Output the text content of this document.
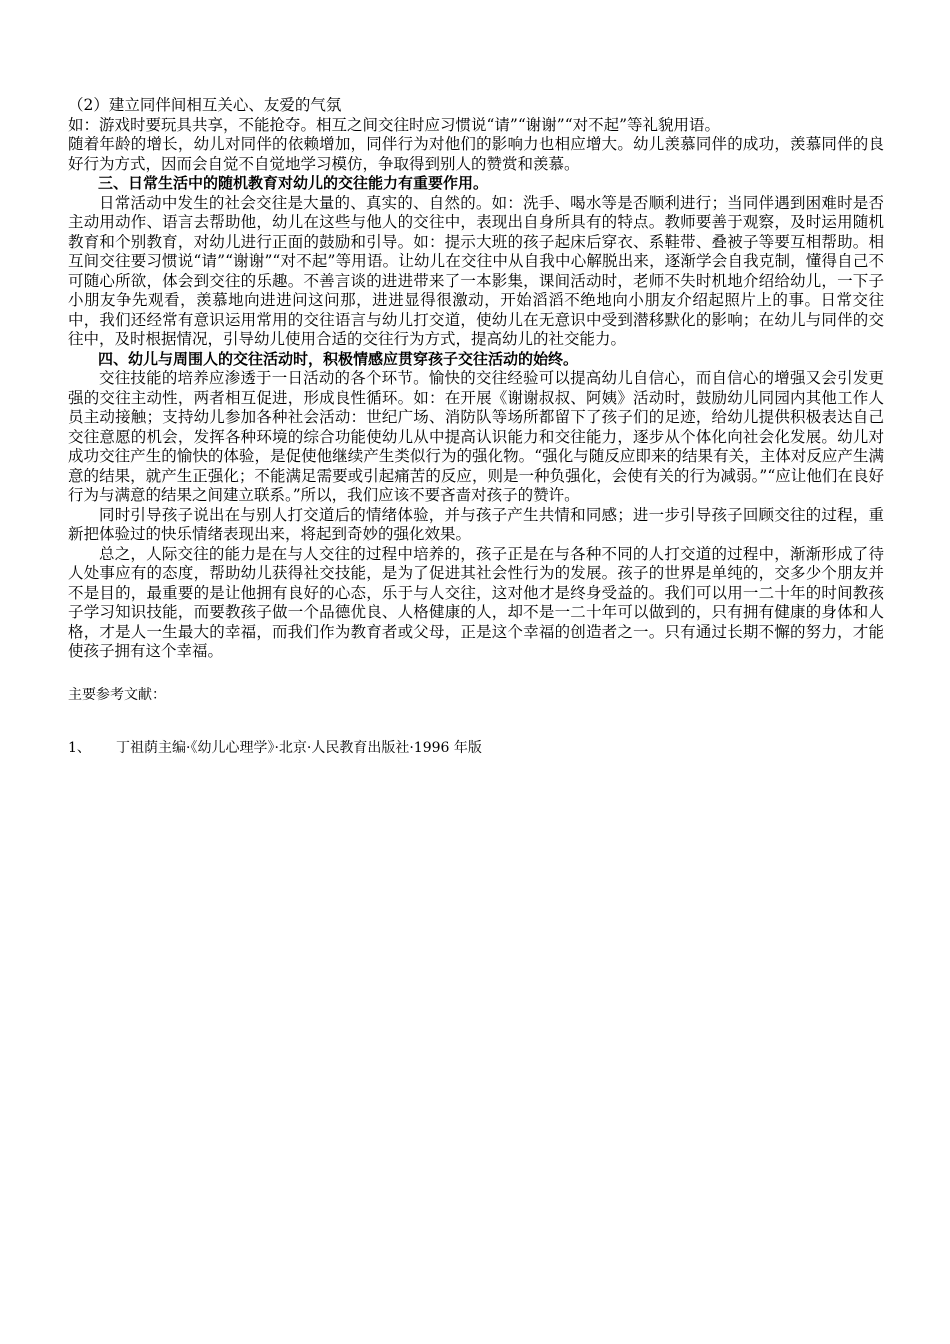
（2）建立同伴间相互关心、友爱的气氛

如：游戏时要玩具共享，不能抢夺。相互之间交往时应习惯说“请”“谢谢”“对不起”等礼貌用语。

随着年龄的增长，幼儿对同伴的依赖增加，同伴行为对他们的影响力也相应增大。幼儿羡慕同伴的成功，羡慕同伴的良好行为方式，因而会自觉不自觉地学习模仿，争取得到别人的赞赏和羡慕。

三、日常生活中的随机教育对幼儿的交往能力有重要作用。

日常活动中发生的社会交往是大量的、真实的、自然的。如：洗手、喝水等是否顺利进行；当同伴遇到困难时是否主动用动作、语言去帮助他，幼儿在这些与他人的交往中，表现出自身所具有的特点。教师要善于观察，及时运用随机教育和个别教育，对幼儿进行正面的鼓励和引导。如：提示大班的孩子起床后穿衣、系鞋带、叠被子等要互相帮助。相互间交往要习惯说“请”“谢谢”“对不起”等用语。让幼儿在交往中从自我中心解脱出来，逐渐学会自我克制，懂得自己不可随心所欲，体会到交往的乐趣。不善言谈的进进带来了一本影集，课间活动时，老师不失时机地介绍给幼儿，一下子小朋友争先观看，羡慕地向进进问这问那，进进显得很激动，开始滔滔不绝地向小朋友介绍起照片上的事。日常交往中，我们还经常有意识运用常用的交往语言与幼儿打交道，使幼儿在无意识中受到潜移默化的影响；在幼儿与同伴的交往中，及时根据情况，引导幼儿使用合适的交往行为方式，提高幼儿的社交能力。

四、幼儿与周围人的交往活动时，积极情感应贯穿孩子交往活动的始终。

交往技能的培养应渗透于一日活动的各个环节。愉快的交往经验可以提高幼儿自信心，而自信心的增强又会引发更强的交往主动性，两者相互促进，形成良性循环。如：在开展《谢谢叔叔、阿姨》活动时，鼓励幼儿同园内其他工作人员主动接触；支持幼儿参加各种社会活动：世纪广场、消防队等场所都留下了孩子们的足迹，给幼儿提供积极表达自己交往意愿的机会，发挥各种环境的综合功能使幼儿从中提高认识能力和交往能力，逐步从个体化向社会化发展。幼儿对成功交往产生的愉快的体验，是促使他继续产生类似行为的强化物。“强化与随反应即来的结果有关，主体对反应产生满意的结果，就产生正强化；不能满足需要或引起痛苦的反应，则是一种负强化，会使有关的行为减弱。”“应让他们在良好行为与满意的结果之间建立联系。”所以，我们应该不要吝啬对孩子的赞许。

同时引导孩子说出在与别人打交道后的情绪体验，并与孩子产生共情和同感；进一步引导孩子回顾交往的过程，重新把体验过的快乐情绪表现出来，将起到奇妙的强化效果。

总之，人际交往的能力是在与人交往的过程中培养的，孩子正是在与各种不同的人打交道的过程中，渐渐形成了待人处事应有的态度，帮助幼儿获得社交技能，是为了促进其社会性行为的发展。孩子的世界是单纯的，交多少个朋友并不是目的，最重要的是让他拥有良好的心态，乐于与人交往，这对他才是终身受益的。我们可以用一二十年的时间教孩子学习知识技能，而要教孩子做一个品德优良、人格健康的人，却不是一二十年可以做到的，只有拥有健康的身体和人格，才是人一生最大的幸福，而我们作为教育者或父母，正是这个幸福的创造者之一。只有通过长期不懈的努力，才能使孩子拥有这个幸福。

主要参考文献：

1、	丁祖荫主编·《幼儿心理学》·北京·人民教育出版社·1996 年版
